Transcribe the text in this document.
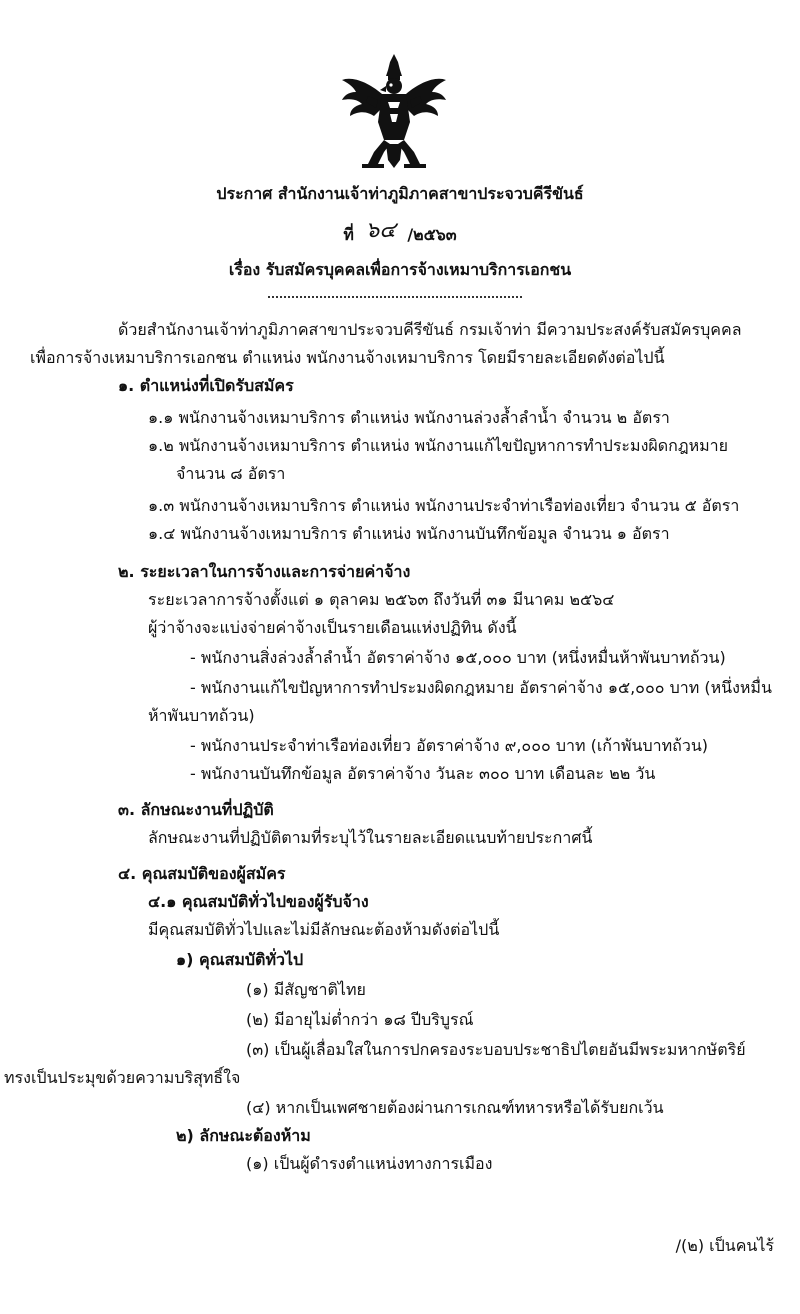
ประกาศ สำนักงานเจ้าท่าภูมิภาคสาขาประจวบคีรีขันธ์
ที่ ๖๔ /๒๕๖๓
เรื่อง รับสมัครบุคคลเพื่อการจ้างเหมาบริการเอกชน
ด้วยสำนักงานเจ้าท่าภูมิภาคสาขาประจวบคีรีขันธ์ กรมเจ้าท่า มีความประสงค์รับสมัครบุคคล
เพื่อการจ้างเหมาบริการเอกชน ตำแหน่ง พนักงานจ้างเหมาบริการ โดยมีรายละเอียดดังต่อไปนี้
๑. ตำแหน่งที่เปิดรับสมัคร
๑.๑ พนักงานจ้างเหมาบริการ ตำแหน่ง พนักงานล่วงล้ำลำน้ำ จำนวน ๒ อัตรา
๑.๒ พนักงานจ้างเหมาบริการ ตำแหน่ง พนักงานแก้ไขปัญหาการทำประมงผิดกฎหมาย
จำนวน ๘ อัตรา
๑.๓ พนักงานจ้างเหมาบริการ ตำแหน่ง พนักงานประจำท่าเรือท่องเที่ยว จำนวน ๕ อัตรา
๑.๔ พนักงานจ้างเหมาบริการ ตำแหน่ง พนักงานบันทึกข้อมูล จำนวน ๑ อัตรา
๒. ระยะเวลาในการจ้างและการจ่ายค่าจ้าง
ระยะเวลาการจ้างตั้งแต่ ๑ ตุลาคม ๒๕๖๓ ถึงวันที่ ๓๑ มีนาคม ๒๕๖๔
ผู้ว่าจ้างจะแบ่งจ่ายค่าจ้างเป็นรายเดือนแห่งปฏิทิน ดังนี้
- พนักงานสิ่งล่วงล้ำลำน้ำ อัตราค่าจ้าง ๑๕,๐๐๐ บาท (หนึ่งหมื่นห้าพันบาทถ้วน)
- พนักงานแก้ไขปัญหาการทำประมงผิดกฎหมาย อัตราค่าจ้าง ๑๕,๐๐๐ บาท (หนึ่งหมื่น
ห้าพันบาทถ้วน)
- พนักงานประจำท่าเรือท่องเที่ยว อัตราค่าจ้าง ๙,๐๐๐ บาท (เก้าพันบาทถ้วน)
- พนักงานบันทึกข้อมูล อัตราค่าจ้าง วันละ ๓๐๐ บาท เดือนละ ๒๒ วัน
๓. ลักษณะงานที่ปฏิบัติ
ลักษณะงานที่ปฏิบัติตามที่ระบุไว้ในรายละเอียดแนบท้ายประกาศนี้
๔. คุณสมบัติของผู้สมัคร
๔.๑ คุณสมบัติทั่วไปของผู้รับจ้าง
มีคุณสมบัติทั่วไปและไม่มีลักษณะต้องห้ามดังต่อไปนี้
๑) คุณสมบัติทั่วไป
(๑) มีสัญชาติไทย
(๒) มีอายุไม่ต่ำกว่า ๑๘ ปีบริบูรณ์
(๓) เป็นผู้เลื่อมใสในการปกครองระบอบประชาธิปไตยอันมีพระมหากษัตริย์
ทรงเป็นประมุขด้วยความบริสุทธิ์ใจ
(๔) หากเป็นเพศชายต้องผ่านการเกณฑ์ทหารหรือได้รับยกเว้น
๒) ลักษณะต้องห้าม
(๑) เป็นผู้ดำรงตำแหน่งทางการเมือง
/(๒) เป็นคนไร้
